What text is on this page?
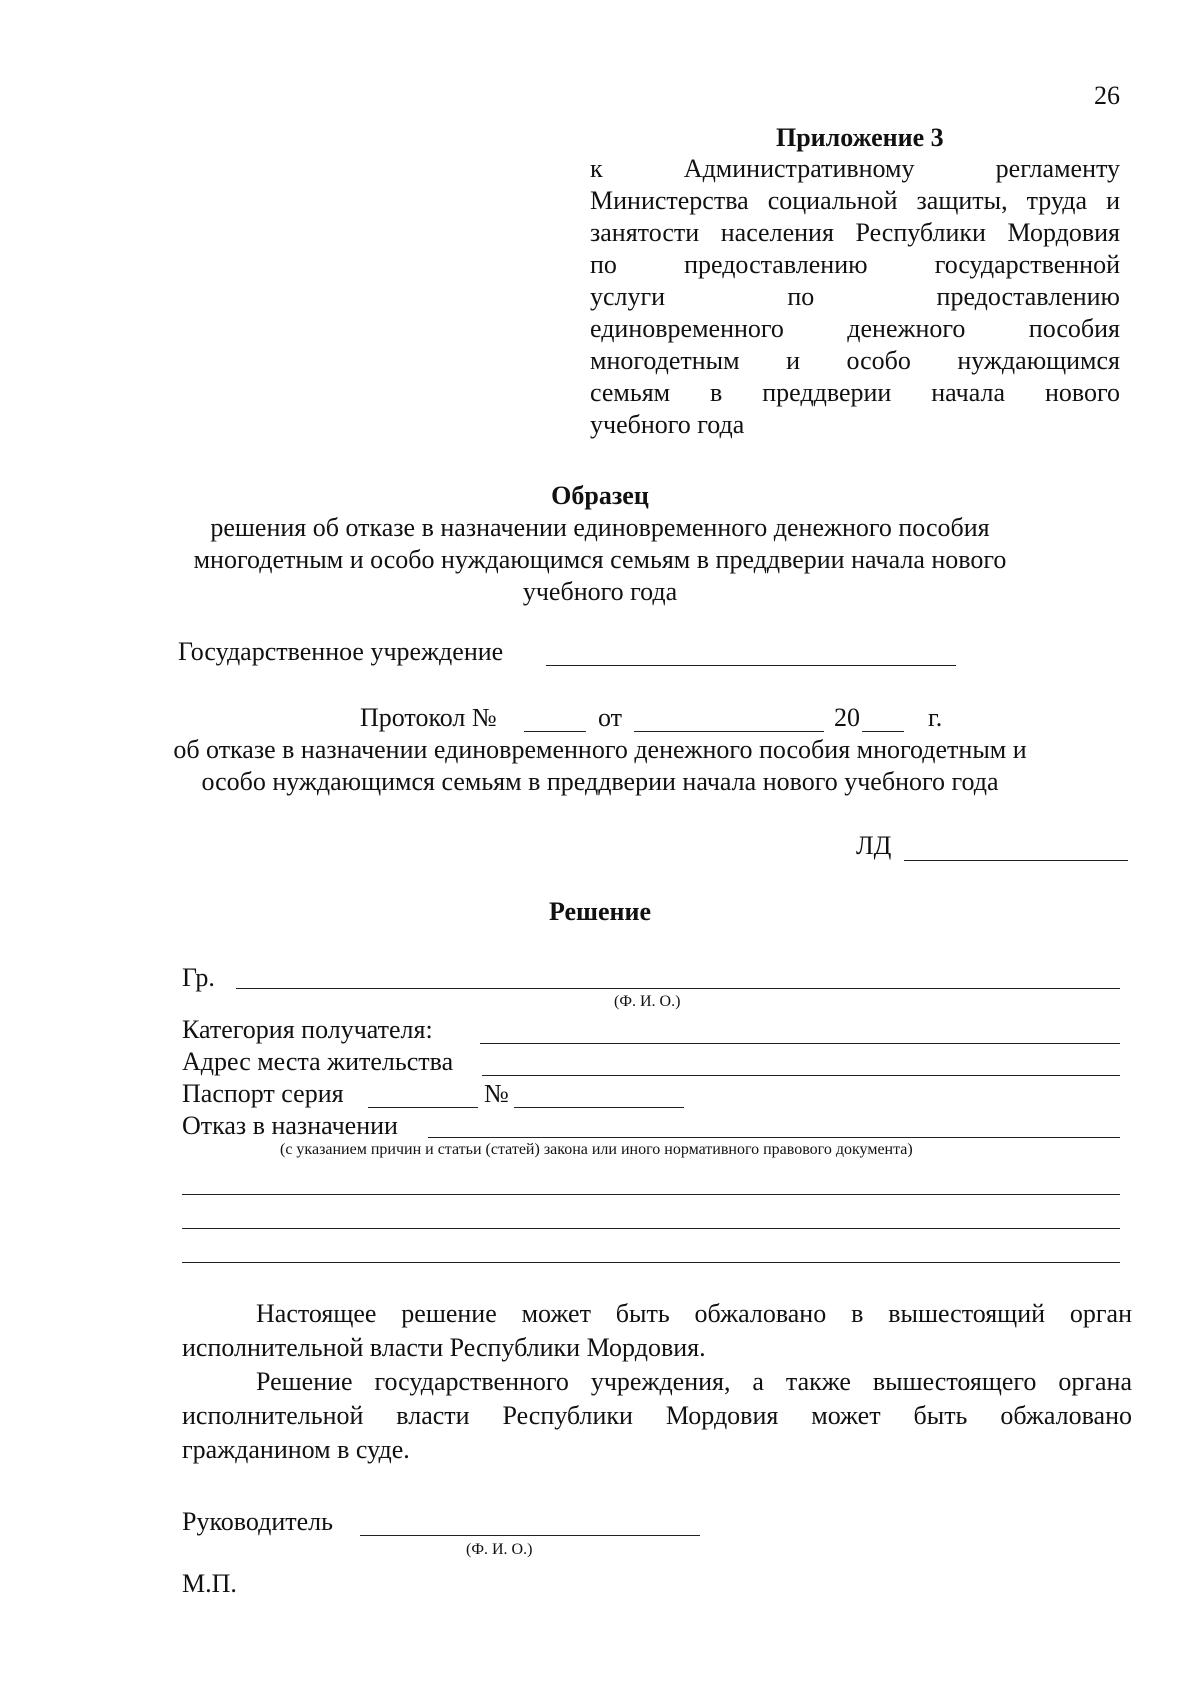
26
Приложение 3
к Административному регламенту
Министерства социальной защиты, труда и
занятости населения Республики Мордовия
по предоставлению государственной
услуги по предоставлению
единовременного денежного пособия
многодетным и особо нуждающимся
семьям в преддверии начала нового
учебного года
Образец
решения об отказе в назначении единовременного денежного пособия
многодетным и особо нуждающимся семьям в преддверии начала нового
учебного года
Государственное учреждение
Протокол №	от	20	г.
об отказе в назначении единовременного денежного пособия многодетным и
особо нуждающимся семьям в преддверии начала нового учебного года
ЛД
Решение
Гр.
(Ф. И. О.)
Категория получателя:
Адрес места жительства
Паспорт серия	№
Отказ в назначении
(с указанием причин и статьи (статей) закона или иного нормативного правового документа)
Настоящее решение может быть обжаловано в вышестоящий орган
исполнительной власти Республики Мордовия.
Решение государственного учреждения, а также вышестоящего органа
исполнительной власти Республики Мордовия может быть обжаловано
гражданином в суде.
Руководитель
(Ф. И. О.)
М.П.
